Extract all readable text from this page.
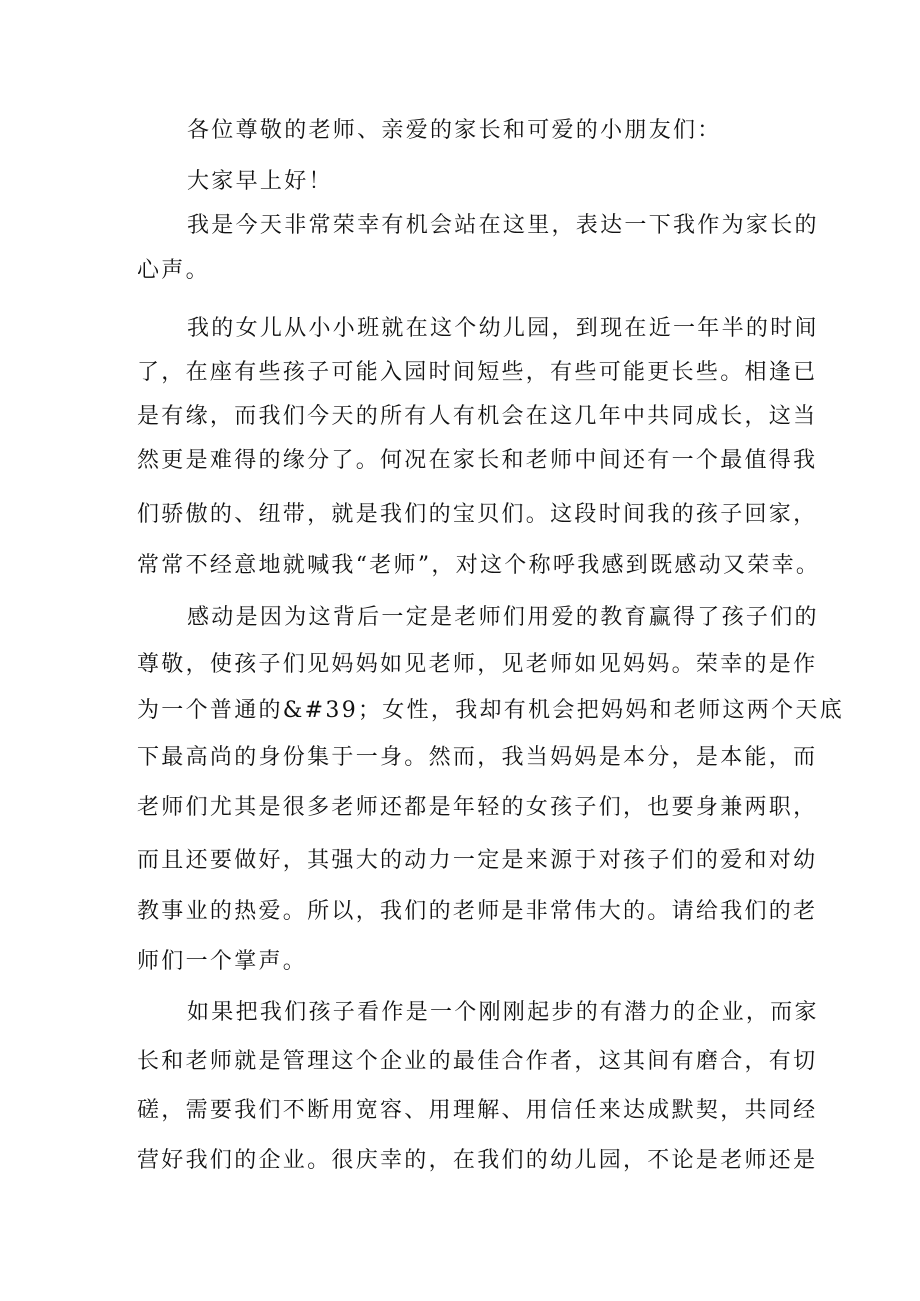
各位尊敬的老师、亲爱的家长和可爱的小朋友们：
大家早上好！
我是今天非常荣幸有机会站在这里，表达一下我作为家长的
心声。
我的女儿从小小班就在这个幼儿园，到现在近一年半的时间
了，在座有些孩子可能入园时间短些，有些可能更长些。相逢已
是有缘，而我们今天的所有人有机会在这几年中共同成长，这当
然更是难得的缘分了。何况在家长和老师中间还有一个最值得我
们骄傲的、纽带，就是我们的宝贝们。这段时间我的孩子回家，
常常不经意地就喊我“老师”，对这个称呼我感到既感动又荣幸。
感动是因为这背后一定是老师们用爱的教育赢得了孩子们的
尊敬，使孩子们见妈妈如见老师，见老师如见妈妈。荣幸的是作
为一个普通的&#39；女性，我却有机会把妈妈和老师这两个天底
下最高尚的身份集于一身。然而，我当妈妈是本分，是本能，而
老师们尤其是很多老师还都是年轻的女孩子们，也要身兼两职，
而且还要做好，其强大的动力一定是来源于对孩子们的爱和对幼
教事业的热爱。所以，我们的老师是非常伟大的。请给我们的老
师们一个掌声。
如果把我们孩子看作是一个刚刚起步的有潜力的企业，而家
长和老师就是管理这个企业的最佳合作者，这其间有磨合，有切
磋，需要我们不断用宽容、用理解、用信任来达成默契，共同经
营好我们的企业。很庆幸的，在我们的幼儿园，不论是老师还是
